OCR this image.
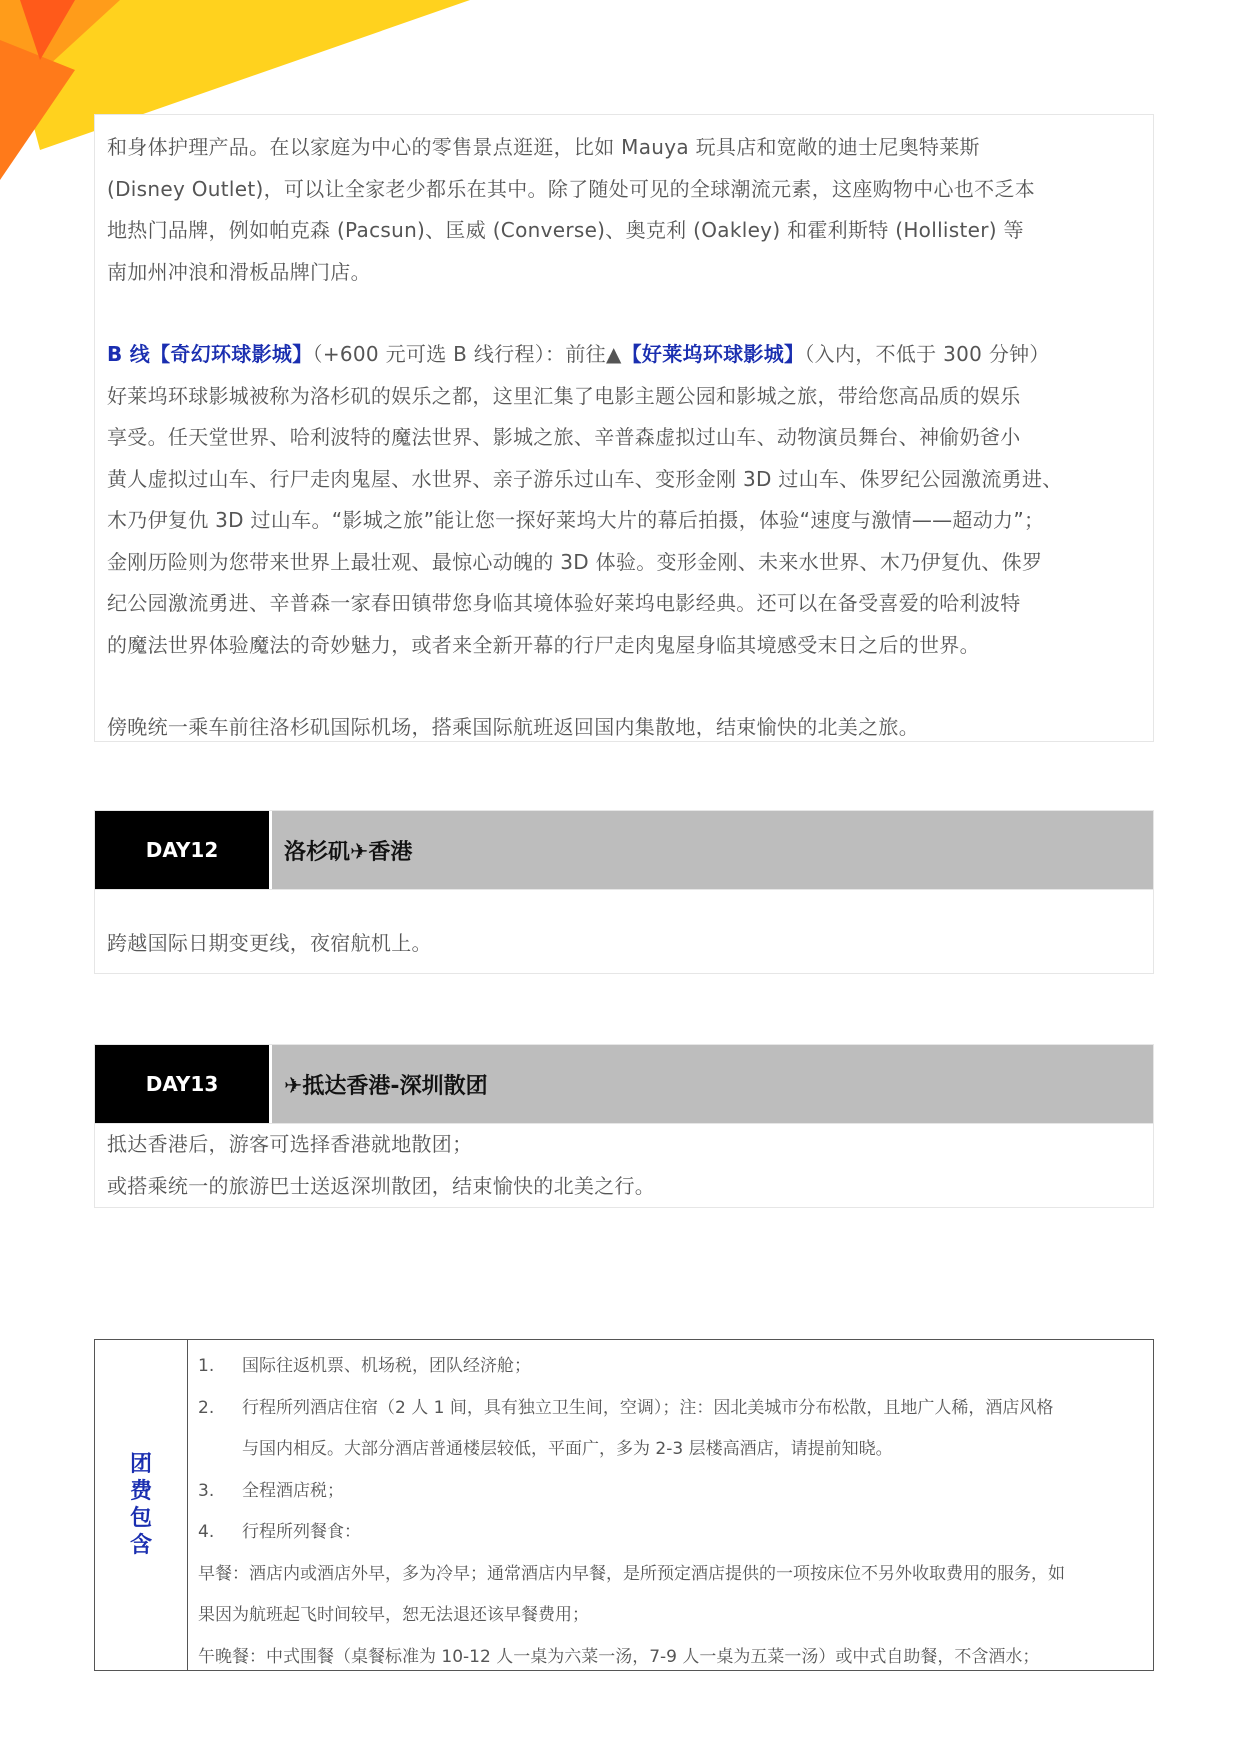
和身体护理产品。在以家庭为中心的零售景点逛逛，比如 Mauya 玩具店和宽敞的迪士尼奥特莱斯
(Disney Outlet)，可以让全家老少都乐在其中。除了随处可见的全球潮流元素，这座购物中心也不乏本
地热门品牌，例如帕克森 (Pacsun)、匡威 (Converse)、奥克利 (Oakley) 和霍利斯特 (Hollister) 等
南加州冲浪和滑板品牌门店。

B 线【奇幻环球影城】（+600 元可选 B 线行程）：前往▲【好莱坞环球影城】（入内，不低于 300 分钟）
好莱坞环球影城被称为洛杉矶的娱乐之都，这里汇集了电影主题公园和影城之旅，带给您高品质的娱乐
享受。任天堂世界、哈利波特的魔法世界、影城之旅、辛普森虚拟过山车、动物演员舞台、神偷奶爸小
黄人虚拟过山车、行尸走肉鬼屋、水世界、亲子游乐过山车、变形金刚 3D 过山车、侏罗纪公园激流勇进、
木乃伊复仇 3D 过山车。“影城之旅”能让您一探好莱坞大片的幕后拍摄，体验“速度与激情——超动力”；
金刚历险则为您带来世界上最壮观、最惊心动魄的 3D 体验。变形金刚、未来水世界、木乃伊复仇、侏罗
纪公园激流勇进、辛普森一家春田镇带您身临其境体验好莱坞电影经典。还可以在备受喜爱的哈利波特
的魔法世界体验魔法的奇妙魅力，或者来全新开幕的行尸走肉鬼屋身临其境感受末日之后的世界。

傍晚统一乘车前往洛杉矶国际机场，搭乘国际航班返回国内集散地，结束愉快的北美之旅。

DAY12	洛杉矶✈香港

跨越国际日期变更线，夜宿航机上。

DAY13	✈抵达香港-深圳散团

抵达香港后，游客可选择香港就地散团；
或搭乘统一的旅游巴士送返深圳散团，结束愉快的北美之行。

团费包含
1.	国际往返机票、机场税，团队经济舱；
2.	行程所列酒店住宿（2 人 1 间，具有独立卫生间，空调）；注：因北美城市分布松散，且地广人稀，酒店风格
与国内相反。大部分酒店普通楼层较低，平面广，多为 2-3 层楼高酒店，请提前知晓。
3.	全程酒店税；
4.	行程所列餐食：
早餐：酒店内或酒店外早，多为冷早；通常酒店内早餐，是所预定酒店提供的一项按床位不另外收取费用的服务，如
果因为航班起飞时间较早，恕无法退还该早餐费用；
午晚餐：中式围餐（桌餐标准为 10-12 人一桌为六菜一汤，7-9 人一桌为五菜一汤）或中式自助餐，不含酒水；
